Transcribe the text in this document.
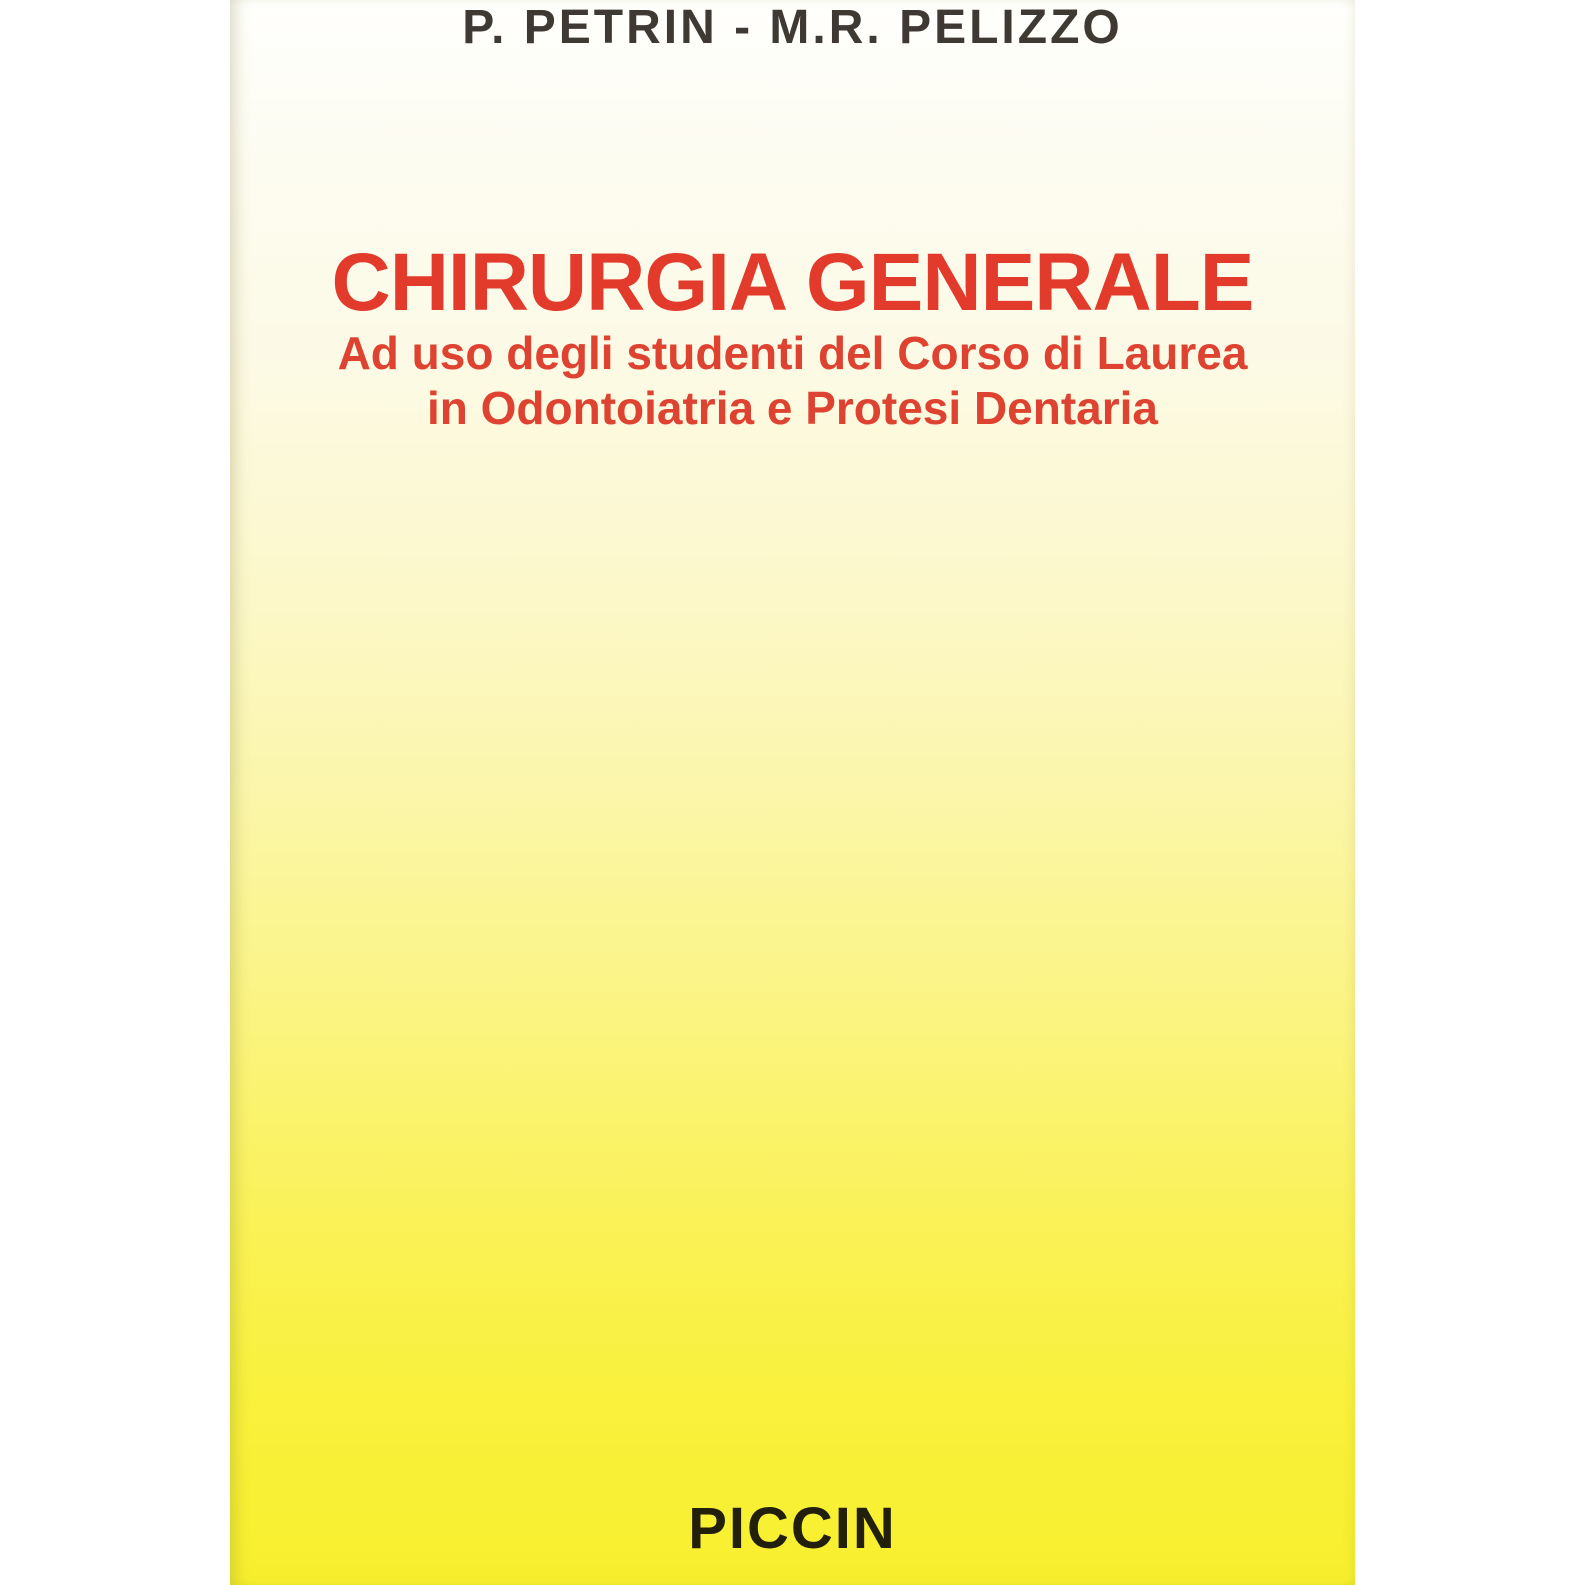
P. PETRIN - M.R. PELIZZO
CHIRURGIA GENERALE
Ad uso degli studenti del Corso di Laurea
in Odontoiatria e Protesi Dentaria
PICCIN
